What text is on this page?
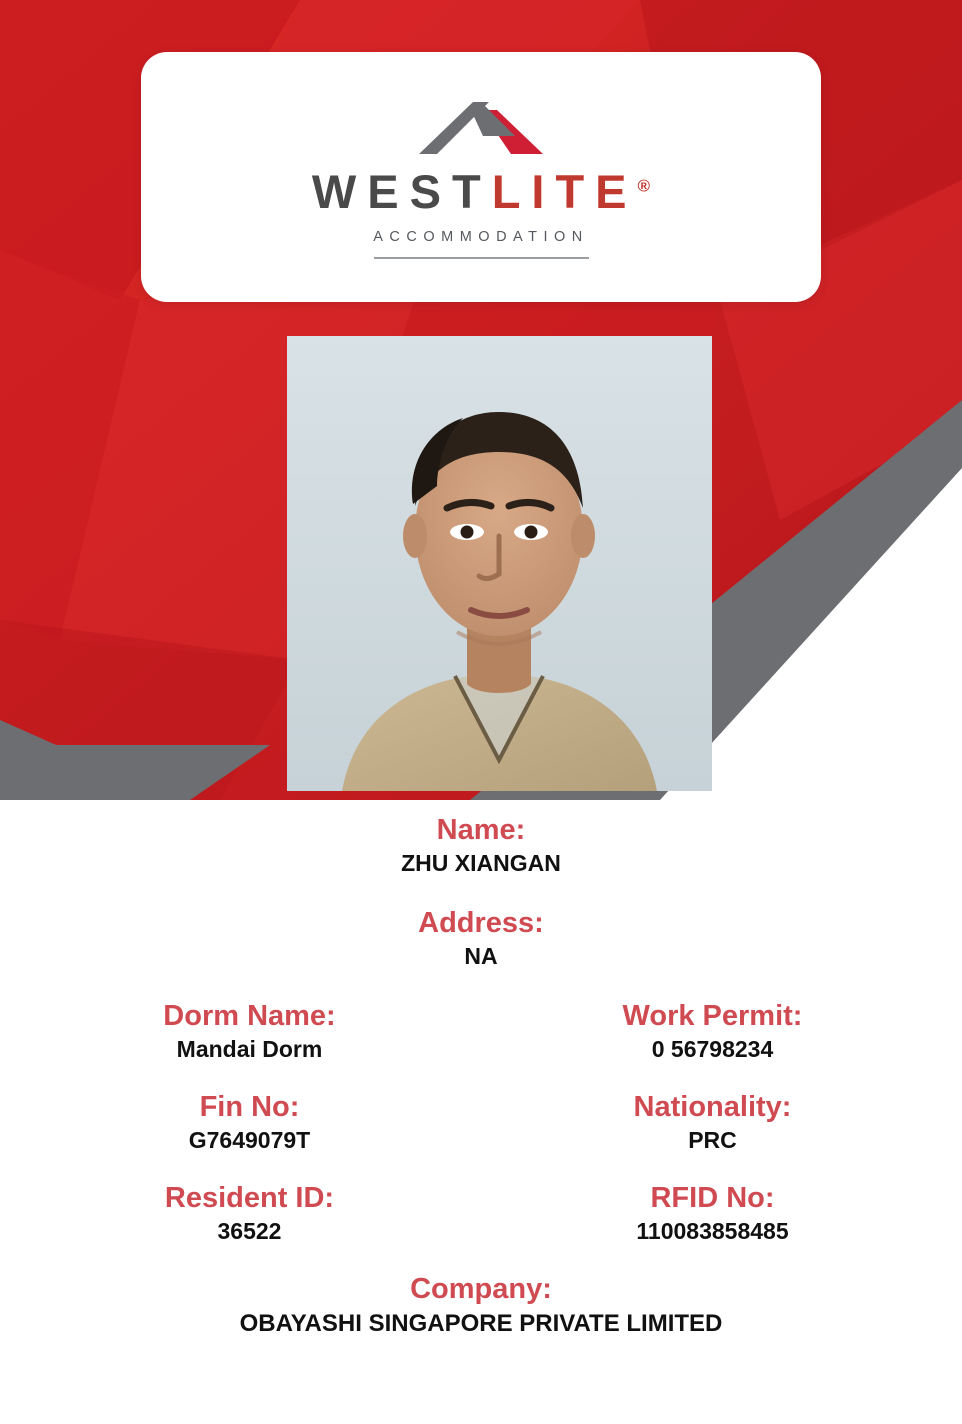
WESTLITE®
ACCOMMODATION
Name:
ZHU XIANGAN
Address:
NA
Dorm Name:
Mandai Dorm
Work Permit:
0 56798234
Fin No:
G7649079T
Nationality:
PRC
Resident ID:
36522
RFID No:
110083858485
Company:
OBAYASHI SINGAPORE PRIVATE LIMITED
